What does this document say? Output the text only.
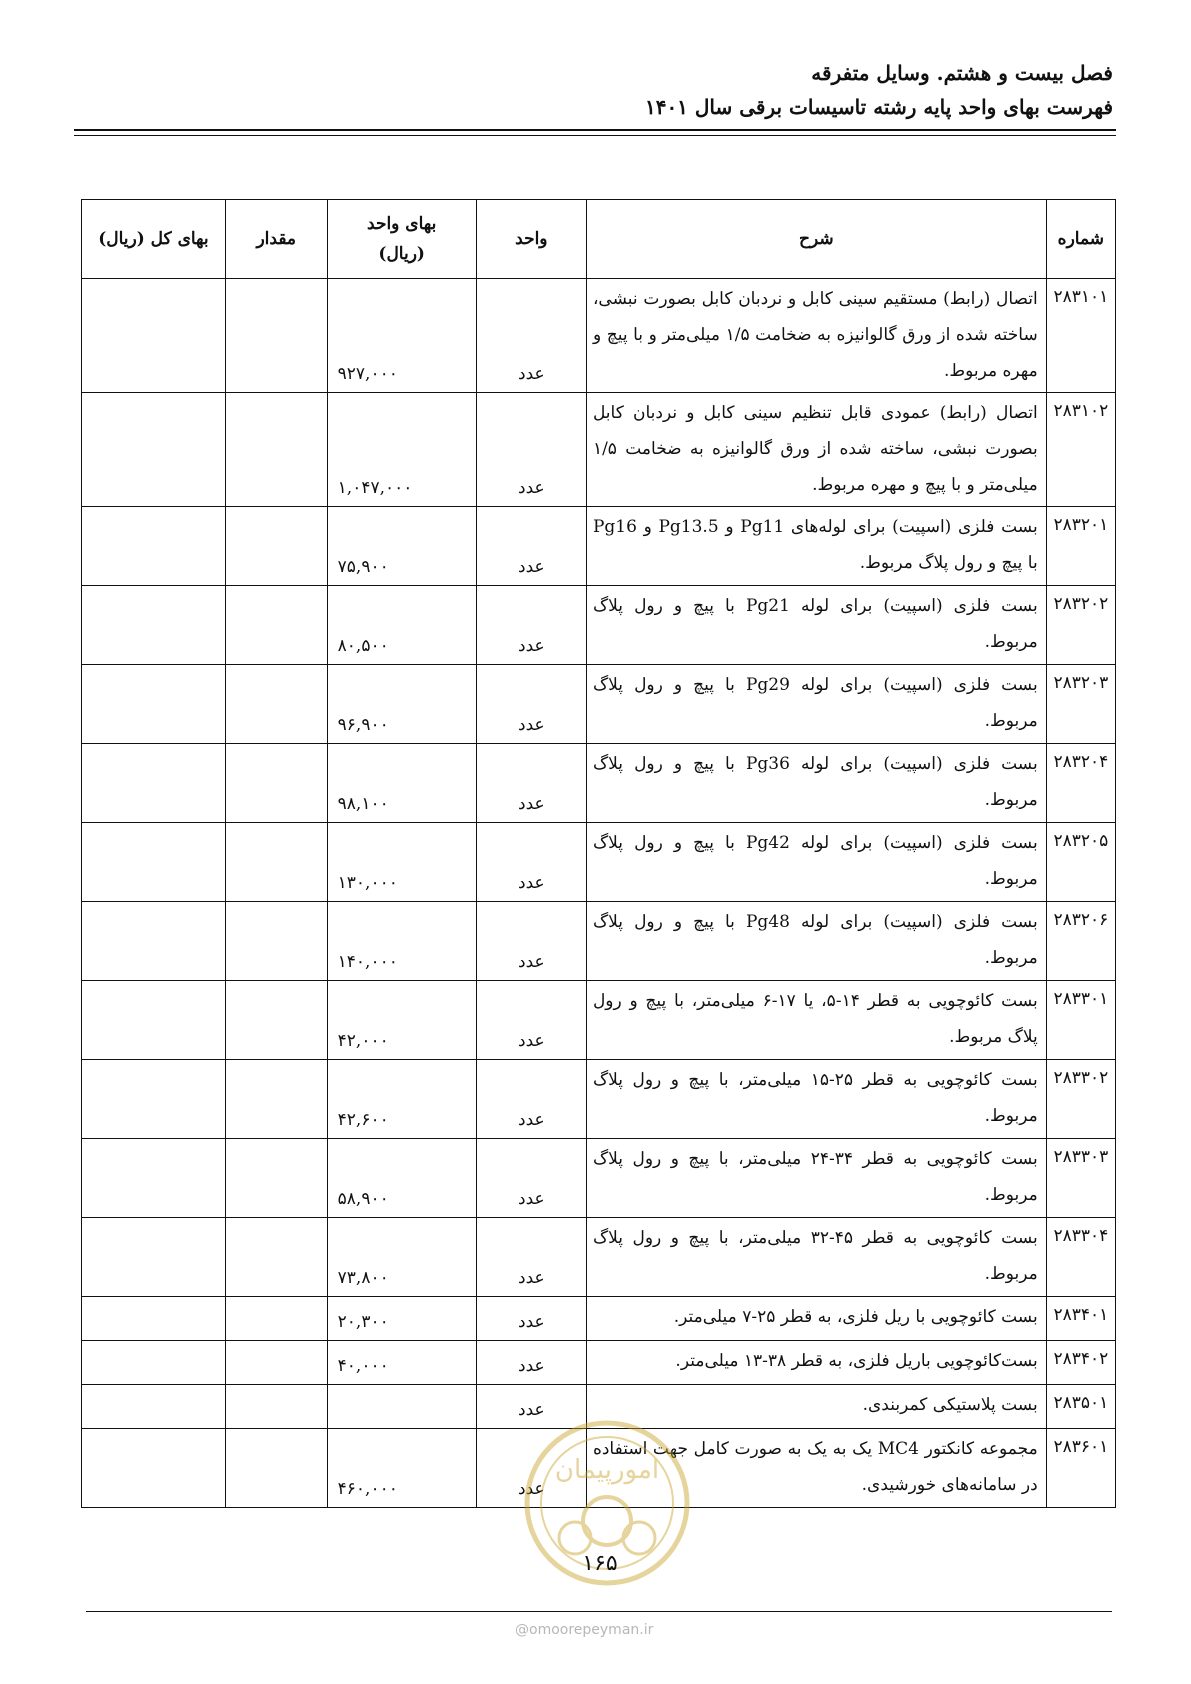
فصل بیست و هشتم. وسایل متفرقه
فهرست بهای واحد پایه رشته تاسیسات برقی سال ۱۴۰۱
شماره	شرح	واحد	بهای واحد (ریال)	مقدار	بهای کل (ریال)
۲۸۳۱۰۱	اتصال (رابط) مستقیم سینی کابل و نردبان کابل بصورت نبشی، ساخته شده از ورق گالوانیزه به ضخامت ۱/۵ میلی‌متر و با پیچ و مهره مربوط.	عدد	۹۲۷,۰۰۰		
۲۸۳۱۰۲	اتصال (رابط) عمودی قابل تنظیم سینی کابل و نردبان کابل بصورت نبشی، ساخته شده از ورق گالوانیزه به ضخامت ۱/۵ میلی‌متر و با پیچ و مهره مربوط.	عدد	۱,۰۴۷,۰۰۰		
۲۸۳۲۰۱	بست فلزی (اسپیت) برای لوله‌های Pg11 و Pg13.5 و Pg16 با پیچ و رول پلاگ مربوط.	عدد	۷۵,۹۰۰		
۲۸۳۲۰۲	بست فلزی (اسپیت) برای لوله Pg21 با پیچ و رول پلاگ مربوط.	عدد	۸۰,۵۰۰		
۲۸۳۲۰۳	بست فلزی (اسپیت) برای لوله Pg29 با پیچ و رول پلاگ مربوط.	عدد	۹۶,۹۰۰		
۲۸۳۲۰۴	بست فلزی (اسپیت) برای لوله Pg36 با پیچ و رول پلاگ مربوط.	عدد	۹۸,۱۰۰		
۲۸۳۲۰۵	بست فلزی (اسپیت) برای لوله Pg42 با پیچ و رول پلاگ مربوط.	عدد	۱۳۰,۰۰۰		
۲۸۳۲۰۶	بست فلزی (اسپیت) برای لوله Pg48 با پیچ و رول پلاگ مربوط.	عدد	۱۴۰,۰۰۰		
۲۸۳۳۰۱	بست کائوچویی به قطر ۱۴-۵، یا ۱۷-۶ میلی‌متر، با پیچ و رول پلاگ مربوط.	عدد	۴۲,۰۰۰		
۲۸۳۳۰۲	بست کائوچویی به قطر ۲۵-۱۵ میلی‌متر، با پیچ و رول پلاگ مربوط.	عدد	۴۲,۶۰۰		
۲۸۳۳۰۳	بست کائوچویی به قطر ۳۴-۲۴ میلی‌متر، با پیچ و رول پلاگ مربوط.	عدد	۵۸,۹۰۰		
۲۸۳۳۰۴	بست کائوچویی به قطر ۴۵-۳۲ میلی‌متر، با پیچ و رول پلاگ مربوط.	عدد	۷۳,۸۰۰		
۲۸۳۴۰۱	بست کائوچویی با ریل فلزی، به قطر ۲۵-۷ میلی‌متر.	عدد	۲۰,۳۰۰		
۲۸۳۴۰۲	بست‌کائوچویی باریل فلزی، به قطر ۳۸-۱۳ میلی‌متر.	عدد	۴۰,۰۰۰		
۲۸۳۵۰۱	بست پلاستیکی کمربندی.	عدد			
۲۸۳۶۰۱	مجموعه کانکتور MC4 یک به یک به صورت کامل جهت استفاده در سامانه‌های خورشیدی.	عدد	۴۶۰,۰۰۰		
امورپیمان
۱۶۵
@omoorepeyman.ir
